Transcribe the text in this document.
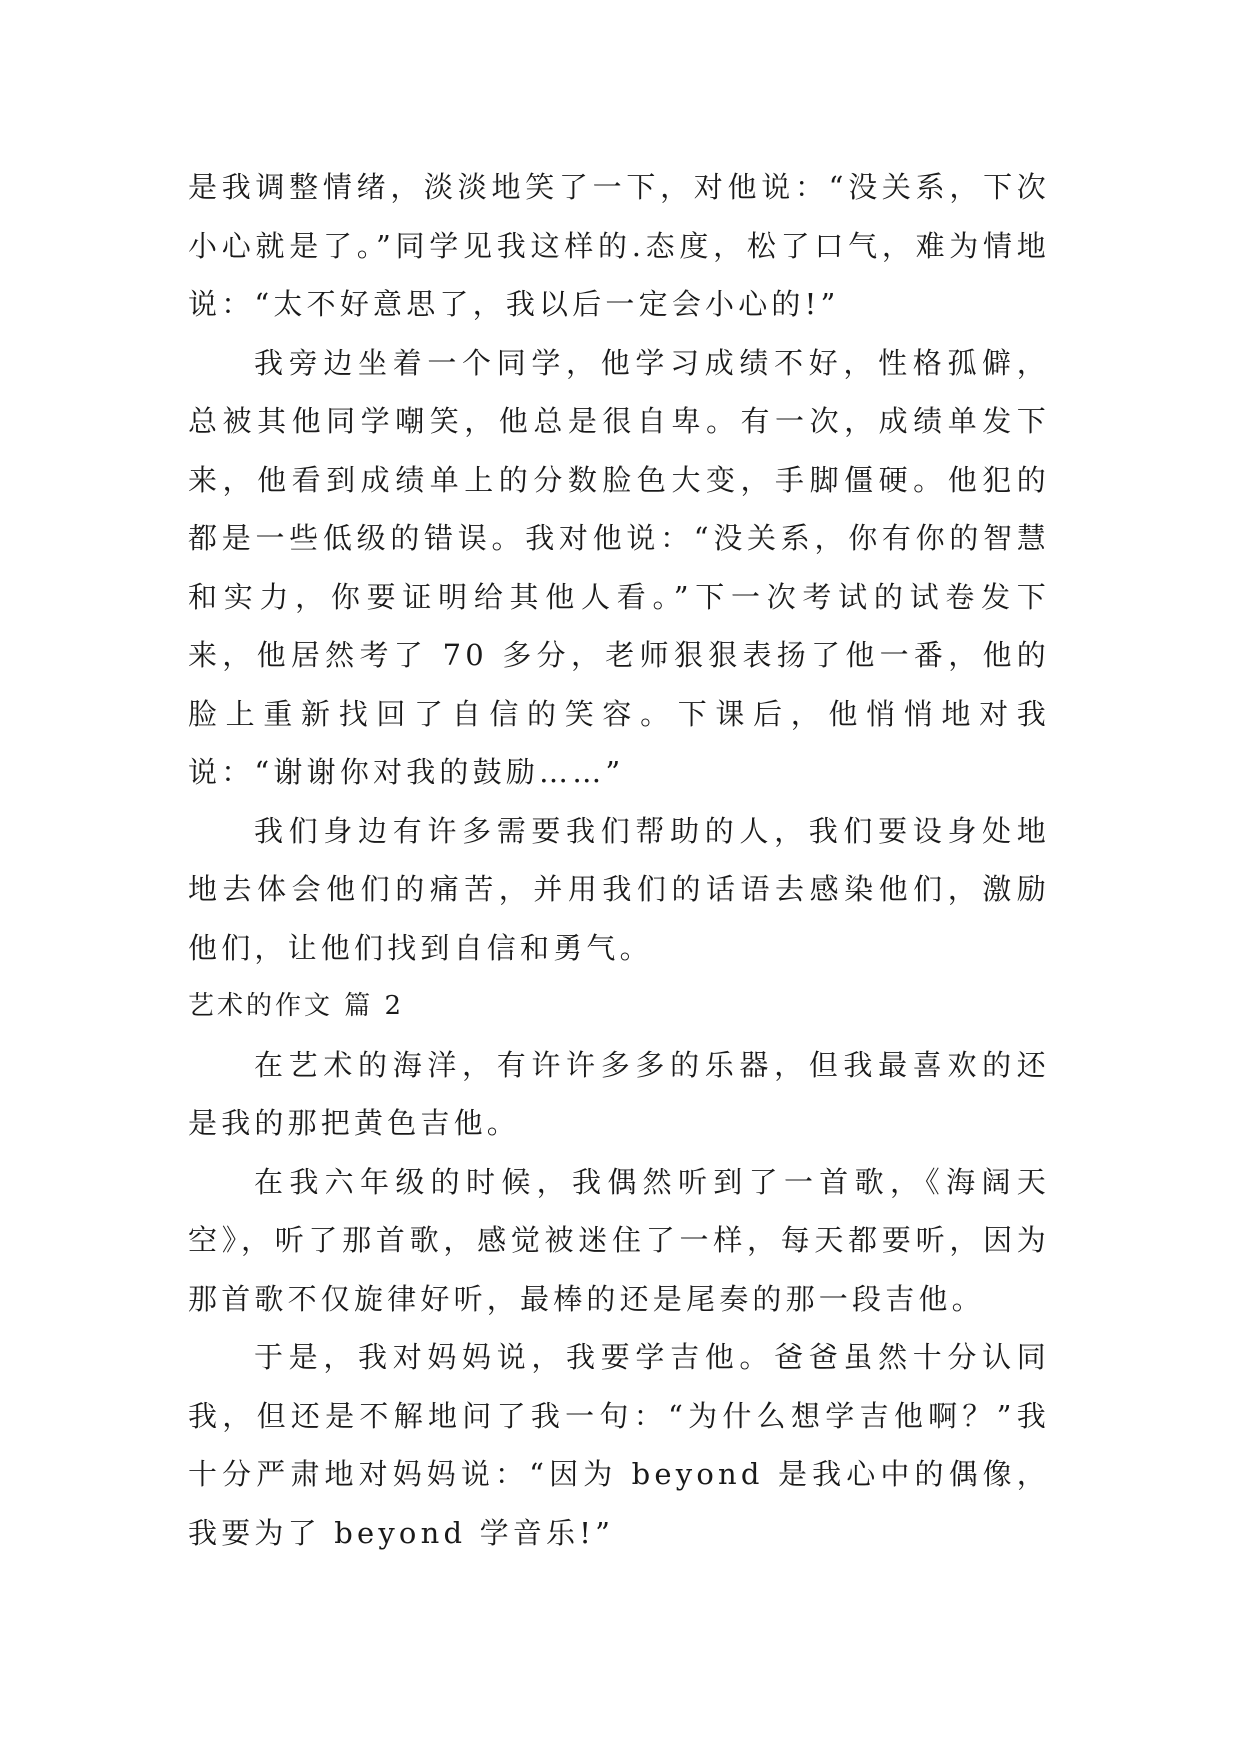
是我调整情绪，淡淡地笑了一下，对他说：“没关系，下次小心就是了。”同学见我这样的.态度，松了口气，难为情地说：“太不好意思了，我以后一定会小心的!”

我旁边坐着一个同学，他学习成绩不好，性格孤僻，总被其他同学嘲笑，他总是很自卑。有一次，成绩单发下来，他看到成绩单上的分数脸色大变，手脚僵硬。他犯的都是一些低级的错误。我对他说：“没关系，你有你的智慧和实力，你要证明给其他人看。”下一次考试的试卷发下来，他居然考了 70 多分，老师狠狠表扬了他一番，他的脸上重新找回了自信的笑容。下课后，他悄悄地对我说：“谢谢你对我的鼓励……”

我们身边有许多需要我们帮助的人，我们要设身处地地去体会他们的痛苦，并用我们的话语去感染他们，激励他们，让他们找到自信和勇气。

艺术的作文 篇 2

在艺术的海洋，有许许多多的乐器，但我最喜欢的还是我的那把黄色吉他。

在我六年级的时候，我偶然听到了一首歌，《海阔天空》，听了那首歌，感觉被迷住了一样，每天都要听，因为那首歌不仅旋律好听，最棒的还是尾奏的那一段吉他。

于是，我对妈妈说，我要学吉他。爸爸虽然十分认同我，但还是不解地问了我一句：“为什么想学吉他啊？”我十分严肃地对妈妈说：“因为 beyond 是我心中的偶像，我要为了 beyond 学音乐!”
